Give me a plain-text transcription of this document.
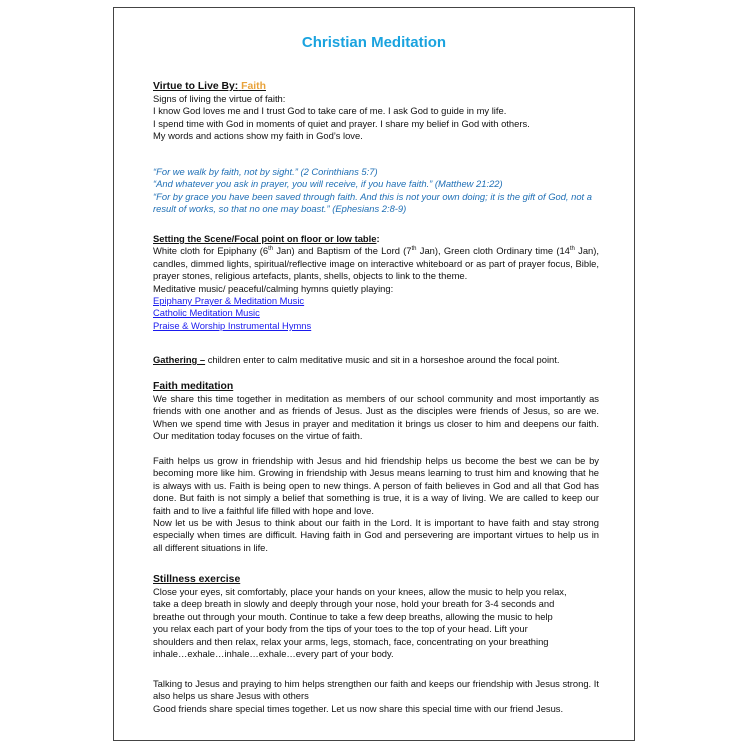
Christian Meditation
Virtue to Live By: Faith
Signs of living the virtue of faith:
I know God loves me and I trust God to take care of me. I ask God to guide in my life.
I spend time with God in moments of quiet and prayer. I share my belief in God with others.
My words and actions show my faith in God’s love.
“For we walk by faith, not by sight.” (2 Corinthians 5:7)
“And whatever you ask in prayer, you will receive, if you have faith.” (Matthew 21:22)
“For by grace you have been saved through faith. And this is not your own doing; it is the gift of God, not a result of works, so that no one may boast.” (Ephesians 2:8-9)
Setting the Scene/Focal point on floor or low table:
White cloth for Epiphany (6th Jan) and Baptism of the Lord (7th Jan), Green cloth Ordinary time (14th Jan), candles, dimmed lights, spiritual/reflective image on interactive whiteboard or as part of prayer focus, Bible, prayer stones, religious artefacts, plants, shells, objects to link to the theme.
Meditative music/ peaceful/calming hymns quietly playing:
Epiphany Prayer & Meditation Music
Catholic Meditation Music
Praise & Worship Instrumental Hymns
Gathering – children enter to calm meditative music and sit in a horseshoe around the focal point.
Faith meditation
We share this time together in meditation as members of our school community and most importantly as friends with one another and as friends of Jesus. Just as the disciples were friends of Jesus, so are we. When we spend time with Jesus in prayer and meditation it brings us closer to him and deepens our faith. Our meditation today focuses on the virtue of faith.
Faith helps us grow in friendship with Jesus and hid friendship helps us become the best we can be by becoming more like him. Growing in friendship with Jesus means learning to trust him and knowing that he is always with us. Faith is being open to new things. A person of faith believes in God and all that God has done. But faith is not simply a belief that something is true, it is a way of living. We are called to keep our faith and to live a faithful life filled with hope and love.
Now let us be with Jesus to think about our faith in the Lord. It is important to have faith and stay strong especially when times are difficult. Having faith in God and persevering are important virtues to help us in all different situations in life.
Stillness exercise
Close your eyes, sit comfortably, place your hands on your knees, allow the music to help you relax,
take a deep breath in slowly and deeply through your nose, hold your breath for 3-4 seconds and
breathe out through your mouth. Continue to take a few deep breaths, allowing the music to help
you relax each part of your body from the tips of your toes to the top of your head. Lift your
shoulders and then relax, relax your arms, legs, stomach, face, concentrating on your breathing
inhale…exhale…inhale…exhale…every part of your body.
Talking to Jesus and praying to him helps strengthen our faith and keeps our friendship with Jesus strong. It also helps us share Jesus with others
Good friends share special times together. Let us now share this special time with our friend Jesus.
